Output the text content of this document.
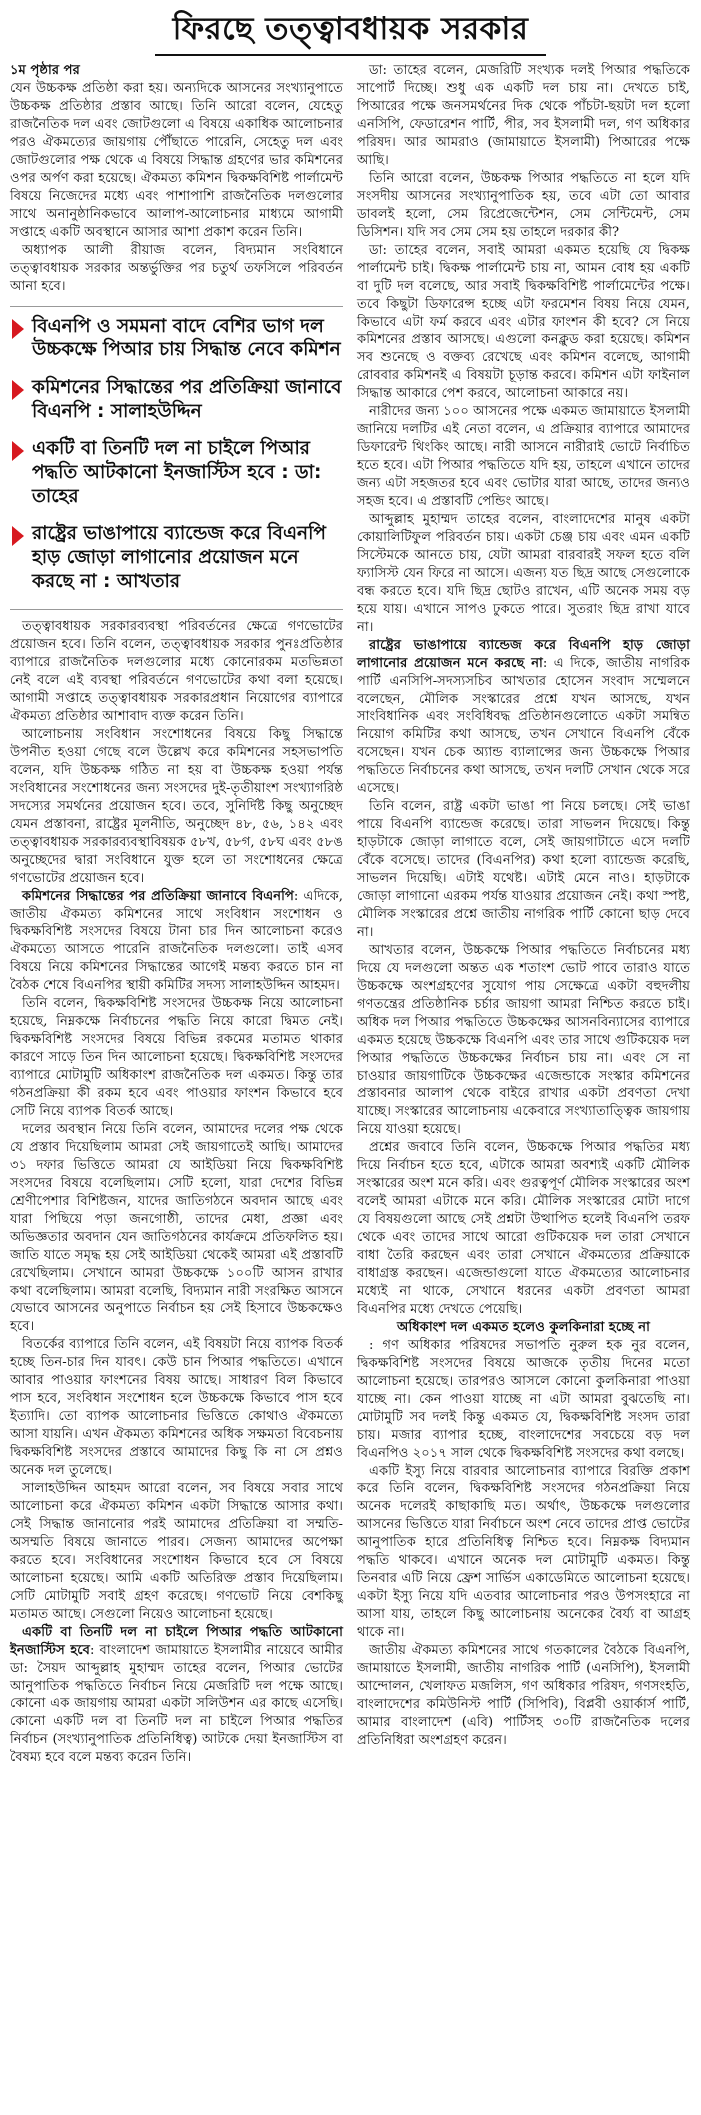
ফিরছে তত্ত্বাবধায়ক সরকার

১ম পৃষ্ঠার পর

যেন উচ্চকক্ষ প্রতিষ্ঠা করা হয়। অন্যদিকে আসনের সংখ্যানুপাতে উচ্চকক্ষ প্রতিষ্ঠার প্রস্তাব আছে। তিনি আরো বলেন, যেহেতু রাজনৈতিক দল এবং জোটগুলো এ বিষয়ে একাধিক আলোচনার পরও ঐকমত্যের জায়গায় পৌঁছাতে পারেনি, সেহেতু দল এবং জোটগুলোর পক্ষ থেকে এ বিষয়ে সিদ্ধান্ত গ্রহণের ভার কমিশনের ওপর অর্পণ করা হয়েছে। ঐকমত্য কমিশন দ্বিকক্ষবিশিষ্ট পার্লামেন্ট বিষয়ে নিজেদের মধ্যে এবং পাশাপাশি রাজনৈতিক দলগুলোর সাথে অনানুষ্ঠানিকভাবে আলাপ-আলোচনার মাধ্যমে আগামী সপ্তাহে একটি অবস্থানে আসার আশা প্রকাশ করেন তিনি।

অধ্যাপক আলী রীয়াজ বলেন, বিদ্যমান সংবিধানে তত্ত্বাবধায়ক সরকার অন্তর্ভুক্তির পর চতুর্থ তফসিলে পরিবর্তন আনা হবে।

বিএনপি ও সমমনা বাদে বেশির ভাগ দল উচ্চকক্ষে পিআর চায় সিদ্ধান্ত নেবে কমিশন
কমিশনের সিদ্ধান্তের পর প্রতিক্রিয়া জানাবে বিএনপি : সালাহউদ্দিন
একটি বা তিনটি দল না চাইলে পিআর পদ্ধতি আটকানো ইনজাস্টিস হবে : ডা: তাহের
রাষ্ট্রের ভাঙাপায়ে ব্যান্ডেজ করে বিএনপি হাড় জোড়া লাগানোর প্রয়োজন মনে করছে না : আখতার

তত্ত্বাবধায়ক সরকারব্যবস্থা পরিবর্তনের ক্ষেত্রে গণভোটের প্রয়োজন হবে। তিনি বলেন, তত্ত্বাবধায়ক সরকার পুনঃপ্রতিষ্ঠার ব্যাপারে রাজনৈতিক দলগুলোর মধ্যে কোনোরকম মতভিন্নতা নেই বলে এই ব্যবস্থা পরিবর্তনে গণভোটের কথা বলা হয়েছে। আগামী সপ্তাহে তত্ত্বাবধায়ক সরকারপ্রধান নিয়োগের ব্যাপারে ঐকমত্য প্রতিষ্ঠার আশাবাদ ব্যক্ত করেন তিনি।

আলোচনায় সংবিধান সংশোধনের বিষয়ে কিছু সিদ্ধান্তে উপনীত হওয়া গেছে বলে উল্লেখ করে কমিশনের সহসভাপতি বলেন, যদি উচ্চকক্ষ গঠিত না হয় বা উচ্চকক্ষ হওয়া পর্যন্ত সংবিধানের সংশোধনের জন্য সংসদের দুই-তৃতীয়াংশ সংখ্যাগরিষ্ঠ সদস্যের সমর্থনের প্রয়োজন হবে। তবে, সুনির্দিষ্ট কিছু অনুচ্ছেদ যেমন প্রস্তাবনা, রাষ্ট্রের মূলনীতি, অনুচ্ছেদ ৪৮, ৫৬, ১৪২ এবং তত্ত্বাবধায়ক সরকারব্যবস্থাবিষয়ক ৫৮খ, ৫৮গ, ৫৮ঘ এবং ৫৮ঙ অনুচ্ছেদের দ্বারা সংবিধানে যুক্ত হলে তা সংশোধনের ক্ষেত্রে গণভোটের প্রয়োজন হবে।

কমিশনের সিদ্ধান্তের পর প্রতিক্রিয়া জানাবে বিএনপি: এদিকে, জাতীয় ঐকমত্য কমিশনের সাথে সংবিধান সংশোধন ও দ্বিকক্ষবিশিষ্ট সংসদের বিষয়ে টানা চার দিন আলোচনা করেও ঐকমত্যে আসতে পারেনি রাজনৈতিক দলগুলো। তাই এসব বিষয়ে নিয়ে কমিশনের সিদ্ধান্তের আগেই মন্তব্য করতে চান না বৈঠক শেষে বিএনপির স্থায়ী কমিটির সদস্য সালাহউদ্দিন আহমদ।

তিনি বলেন, দ্বিকক্ষবিশিষ্ট সংসদের উচ্চকক্ষ নিয়ে আলোচনা হয়েছে, নিম্নকক্ষে নির্বাচনের পদ্ধতি নিয়ে কারো দ্বিমত নেই। দ্বিকক্ষবিশিষ্ট সংসদের বিষয়ে বিভিন্ন রকমের মতামত থাকার কারণে সাড়ে তিন দিন আলোচনা হয়েছে। দ্বিকক্ষবিশিষ্ট সংসদের ব্যাপারে মোটামুটি অধিকাংশ রাজনৈতিক দল একমত। কিন্তু তার গঠনপ্রক্রিয়া কী রকম হবে এবং পাওয়ার ফাংশন কিভাবে হবে সেটি নিয়ে ব্যাপক বিতর্ক আছে।

দলের অবস্থান নিয়ে তিনি বলেন, আমাদের দলের পক্ষ থেকে যে প্রস্তাব দিয়েছিলাম আমরা সেই জায়গাতেই আছি। আমাদের ৩১ দফার ভিত্তিতে আমরা যে আইডিয়া নিয়ে দ্বিকক্ষবিশিষ্ট সংসদের বিষয়ে বলেছিলাম। সেটি হলো, যারা দেশের বিভিন্ন শ্রেণীপেশার বিশিষ্টজন, যাদের জাতিগঠনে অবদান আছে এবং যারা পিছিয়ে পড়া জনগোষ্ঠী, তাদের মেধা, প্রজ্ঞা এবং অভিজ্ঞতার অবদান যেন জাতিগঠনের কার্যক্রমে প্রতিফলিত হয়। জাতি যাতে সমৃদ্ধ হয় সেই আইডিয়া থেকেই আমরা এই প্রস্তাবটি রেখেছিলাম। সেখানে আমরা উচ্চকক্ষে ১০০টি আসন রাখার কথা বলেছিলাম। আমরা বলেছি, বিদ্যমান নারী সংরক্ষিত আসনে যেভাবে আসনের অনুপাতে নির্বাচন হয় সেই হিসাবে উচ্চকক্ষেও হবে।

বিতর্কের ব্যাপারে তিনি বলেন, এই বিষয়টা নিয়ে ব্যাপক বিতর্ক হচ্ছে তিন-চার দিন যাবৎ। কেউ চান পিআর পদ্ধতিতে। এখানে আবার পাওয়ার ফাংশনের বিষয় আছে। সাধারণ বিল কিভাবে পাস হবে, সংবিধান সংশোধন হলে উচ্চকক্ষে কিভাবে পাস হবে ইত্যাদি। তো ব্যাপক আলোচনার ভিত্তিতে কোথাও ঐকমত্যে আসা যায়নি। এখন ঐকমত্য কমিশনের অধিক সক্ষমতা বিবেচনায় দ্বিকক্ষবিশিষ্ট সংসদের প্রস্তাবে আমাদের কিছু কি না সে প্রশ্নও অনেক দল তুলেছে।

সালাহউদ্দিন আহমদ আরো বলেন, সব বিষয়ে সবার সাথে আলোচনা করে ঐকমত্য কমিশন একটা সিদ্ধান্তে আসার কথা। সেই সিদ্ধান্ত জানানোর পরই আমাদের প্রতিক্রিয়া বা সম্মতি-অসম্মতি বিষয়ে জানাতে পারব। সেজন্য আমাদের অপেক্ষা করতে হবে। সংবিধানের সংশোধন কিভাবে হবে সে বিষয়ে আলোচনা হয়েছে। আমি একটি অতিরিক্ত প্রস্তাব দিয়েছিলাম। সেটি মোটামুটি সবাই গ্রহণ করেছে। গণভোট নিয়ে বেশকিছু মতামত আছে। সেগুলো নিয়েও আলোচনা হয়েছে।

একটি বা তিনটি দল না চাইলে পিআর পদ্ধতি আটকানো ইনজাস্টিস হবে: বাংলাদেশ জামায়াতে ইসলামীর নায়েবে আমীর ডা: সৈয়দ আব্দুল্লাহ মুহাম্মদ তাহের বলেন, পিআর ভোটের আনুপাতিক পদ্ধতিতে নির্বাচন নিয়ে মেজরিটি দল পক্ষে আছে। কোনো এক জায়গায় আমরা একটা সলিউশন এর কাছে এসেছি। কোনো একটি দল বা তিনটি দল না চাইলে পিআর পদ্ধতির নির্বাচন (সংখ্যানুপাতিক প্রতিনিধিত্ব) আটকে দেয়া ইনজাস্টিস বা বৈষম্য হবে বলে মন্তব্য করেন তিনি।

ডা: তাহের বলেন, মেজরিটি সংখ্যক দলই পিআর পদ্ধতিকে সাপোর্ট দিচ্ছে। শুধু এক একটি দল চায় না। দেখতে চাই, পিআরের পক্ষে জনসমর্থনের দিক থেকে পাঁচটা-ছয়টা দল হলো এনসিপি, ফেডারেশন পার্টি, পীর, সব ইসলামী দল, গণ অধিকার পরিষদ। আর আমরাও (জামায়াতে ইসলামী) পিআরের পক্ষে আছি।

তিনি আরো বলেন, উচ্চকক্ষ পিআর পদ্ধতিতে না হলে যদি সংসদীয় আসনের সংখ্যানুপাতিক হয়, তবে এটা তো আবার ডাবলই হলো, সেম রিপ্রেজেন্টেশন, সেম সেন্টিমেন্ট, সেম ডিসিশন। যদি সব সেম সেম হয় তাহলে দরকার কী?

ডা: তাহের বলেন, সবাই আমরা একমত হয়েছি যে দ্বিকক্ষ পার্লামেন্ট চাই। দ্বিকক্ষ পার্লামেন্ট চায় না, আমন বোধ হয় একটি বা দুটি দল বলেছে, আর সবাই দ্বিকক্ষবিশিষ্ট পার্লামেন্টের পক্ষে। তবে কিছুটা ডিফারেন্স হচ্ছে এটা ফরমেশন বিষয় নিয়ে যেমন, কিভাবে এটা ফর্ম করবে এবং এটার ফাংশন কী হবে? সে নিয়ে কমিশনের প্রস্তাব আসছে। এগুলো কনক্লুড করা হয়েছে। কমিশন সব শুনেছে ও বক্তব্য রেখেছে এবং কমিশন বলেছে, আগামী রোববার কমিশনই এ বিষয়টা চূড়ান্ত করবে। কমিশন এটা ফাইনাল সিদ্ধান্ত আকারে পেশ করবে, আলোচনা আকারে নয়।

নারীদের জন্য ১০০ আসনের পক্ষে একমত জামায়াতে ইসলামী জানিয়ে দলটির এই নেতা বলেন, এ প্রক্রিয়ার ব্যাপারে আমাদের ডিফারেন্ট থিংকিং আছে। নারী আসনে নারীরাই ভোটে নির্বাচিত হতে হবে। এটা পিআর পদ্ধতিতে যদি হয়, তাহলে এখানে তাদের জন্য এটা সহজতর হবে এবং ভোটার যারা আছে, তাদের জন্যও সহজ হবে। এ প্রস্তাবটি পেন্ডিং আছে।

আব্দুল্লাহ মুহাম্মদ তাহের বলেন, বাংলাদেশের মানুষ একটা কোয়ালিটিফুল পরিবর্তন চায়। একটা চেঞ্জ চায় এবং এমন একটি সিস্টেমকে আনতে চায়, যেটা আমরা বারবারই সফল হতে বলি ফ্যাসিস্ট যেন ফিরে না আসে। এজন্য যত ছিদ্র আছে সেগুলোকে বন্ধ করতে হবে। যদি ছিদ্র ছোটও রাখেন, এটি অনেক সময় বড় হয়ে যায়। এখানে সাপও ঢুকতে পারে। সুতরাং ছিদ্র রাখা যাবে না।

রাষ্ট্রের ভাঙাপায়ে ব্যান্ডেজ করে বিএনপি হাড় জোড়া লাগানোর প্রয়োজন মনে করছে না: এ দিকে, জাতীয় নাগরিক পার্টি এনসিপি-সদস্যসচিব আখতার হোসেন সংবাদ সম্মেলনে বলেছেন, মৌলিক সংস্কারের প্রশ্নে যখন আসছে, যখন সাংবিধানিক এবং সংবিধিবদ্ধ প্রতিষ্ঠানগুলোতে একটা সমন্বিত নিয়োগ কমিটির কথা আসছে, তখন সেখানে বিএনপি বেঁকে বসেছেন। যখন চেক অ্যান্ড ব্যালান্সের জন্য উচ্চকক্ষে পিআর পদ্ধতিতে নির্বাচনের কথা আসছে, তখন দলটি সেখান থেকে সরে এসেছে।

তিনি বলেন, রাষ্ট্র একটা ভাঙা পা নিয়ে চলছে। সেই ভাঙা পায়ে বিএনপি ব্যান্ডেজ করেছে। তারা সাভলন দিয়েছে। কিন্তু হাড়টাকে জোড়া লাগাতে বলে, সেই জায়গাটাতে এসে দলটি বেঁকে বসেছে। তাদের (বিএনপির) কথা হলো ব্যান্ডেজ করেছি, সাভলন দিয়েছি। এটাই যথেষ্ট। এটাই মেনে নাও। হাড়টাকে জোড়া লাগানো এরকম পর্যন্ত যাওয়ার প্রয়োজন নেই। কথা স্পষ্ট, মৌলিক সংস্কারের প্রশ্নে জাতীয় নাগরিক পার্টি কোনো ছাড় দেবে না।

আখতার বলেন, উচ্চকক্ষে পিআর পদ্ধতিতে নির্বাচনের মধ্য দিয়ে যে দলগুলো অন্তত এক শতাংশ ভোট পাবে তারাও যাতে উচ্চকক্ষে অংশগ্রহণের সুযোগ পায় সেক্ষেত্রে একটা বহুদলীয় গণতন্ত্রের প্রতিষ্ঠানিক চর্চার জায়গা আমরা নিশ্চিত করতে চাই। অধিক দল পিআর পদ্ধতিতে উচ্চকক্ষের আসনবিন্যাসের ব্যাপারে একমত হয়েছে উচ্চকক্ষে বিএনপি এবং তার সাথে গুটিকয়েক দল পিআর পদ্ধতিতে উচ্চকক্ষের নির্বাচন চায় না। এবং সে না চাওয়ার জায়গাটিকে উচ্চকক্ষের এজেন্ডাকে সংস্কার কমিশনের প্রস্তাবনার আলাপ থেকে বাইরে রাখার একটা প্রবণতা দেখা যাচ্ছে। সংস্কারের আলোচনায় একেবারে সংখ্যাতাত্ত্বিক জায়গায় নিয়ে যাওয়া হয়েছে।

প্রশ্নের জবাবে তিনি বলেন, উচ্চকক্ষে পিআর পদ্ধতির মধ্য দিয়ে নির্বাচন হতে হবে, এটাকে আমরা অবশ্যই একটি মৌলিক সংস্কারের অংশ মনে করি। এবং গুরত্বপূর্ণ মৌলিক সংস্কারের অংশ বলেই আমরা এটাকে মনে করি। মৌলিক সংস্কারের মোটা দাগে যে বিষয়গুলো আছে সেই প্রশ্নটা উত্থাপিত হলেই বিএনপি তরফ থেকে এবং তাদের সাথে আরো গুটিকয়েক দল তারা সেখানে বাধা তৈরি করছেন এবং তারা সেখানে ঐকমত্যের প্রক্রিয়াকে বাধাগ্রস্ত করছেন। এজেন্ডাগুলো যাতে ঐকমত্যের আলোচনার মধ্যেই না থাকে, সেখানে ধরনের একটা প্রবণতা আমরা বিএনপির মধ্যে দেখতে পেয়েছি।

অধিকাংশ দল একমত হলেও কুলকিনারা হচ্ছে না

: গণ অধিকার পরিষদের সভাপতি নুরুল হক নুর বলেন, দ্বিকক্ষবিশিষ্ট সংসদের বিষয়ে আজকে তৃতীয় দিনের মতো আলোচনা হয়েছে। তারপরও আসলে কোনো কুলকিনারা পাওয়া যাচ্ছে না। কেন পাওয়া যাচ্ছে না এটা আমরা বুঝতেছি না। মোটামুটি সব দলই কিন্তু একমত যে, দ্বিকক্ষবিশিষ্ট সংসদ তারা চায়। মজার ব্যাপার হচ্ছে, বাংলাদেশের সবচেয়ে বড় দল বিএনপিও ২০১৭ সাল থেকে দ্বিকক্ষবিশিষ্ট সংসদের কথা বলছে।

একটি ইস্যু নিয়ে বারবার আলোচনার ব্যাপারে বিরক্তি প্রকাশ করে তিনি বলেন, দ্বিকক্ষবিশিষ্ট সংসদের গঠনপ্রক্রিয়া নিয়ে অনেক দলেরই কাছাকাছি মত। অর্থাৎ, উচ্চকক্ষে দলগুলোর আসনের ভিত্তিতে যারা নির্বাচনে অংশ নেবে তাদের প্রাপ্ত ভোটের আনুপাতিক হারে প্রতিনিধিত্ব নিশ্চিত হবে। নিম্নকক্ষ বিদ্যমান পদ্ধতি থাকবে। এখানে অনেক দল মোটামুটি একমত। কিন্তু তিনবার এটি নিয়ে ফ্রেশ সার্ভিস একাডেমিতে আলোচনা হয়েছে। একটা ইস্যু নিয়ে যদি এতবার আলোচনার পরও উপসংহারে না আসা যায়, তাহলে কিছু আলোচনায় অনেকের বৈর্য্য বা আগ্রহ থাকে না।

জাতীয় ঐকমত্য কমিশনের সাথে গতকালের বৈঠকে বিএনপি, জামায়াতে ইসলামী, জাতীয় নাগরিক পার্টি (এনসিপি), ইসলামী আন্দোলন, খেলাফত মজলিস, গণ অধিকার পরিষদ, গণসংহতি, বাংলাদেশের কমিউনিস্ট পার্টি (সিপিবি), বিপ্লবী ওয়ার্কার্স পার্টি, আমার বাংলাদেশ (এবি) পার্টিসহ ৩০টি রাজনৈতিক দলের প্রতিনিধিরা অংশগ্রহণ করেন।
